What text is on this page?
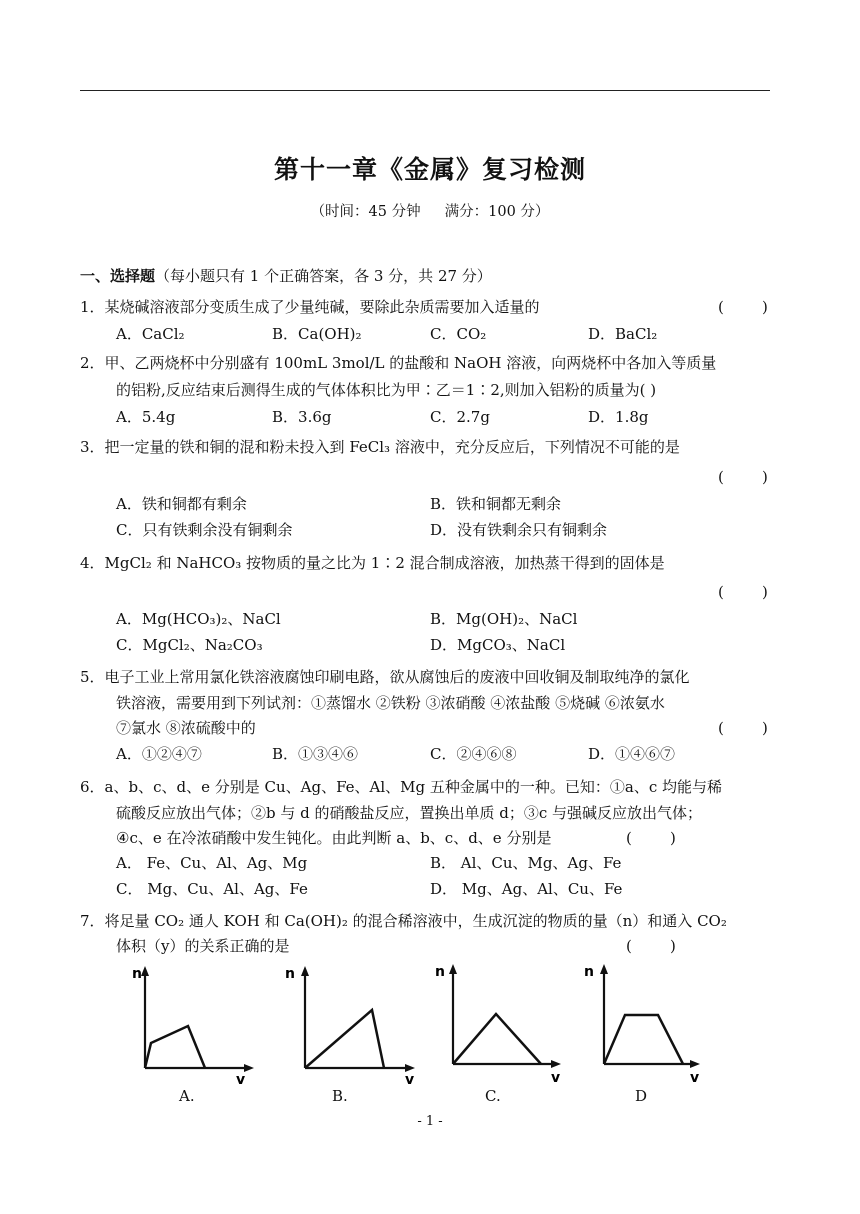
第十一章《金属》复习检测
（时间：45 分钟 满分：100 分）
一、选择题（每小题只有 1 个正确答案，各 3 分，共 27 分）
1．某烧碱溶液部分变质生成了少量纯碱，要除此杂质需要加入适量的	(        )
A．CaCl₂	B．Ca(OH)₂	C．CO₂	D．BaCl₂
2．甲、乙两烧杯中分别盛有 100mL 3mol/L 的盐酸和 NaOH 溶液，向两烧杯中各加入等质量
的铝粉,反应结束后测得生成的气体体积比为甲∶乙＝1∶2,则加入铝粉的质量为( )
A．5.4g	B．3.6g	C．2.7g	D．1.8g
3．把一定量的铁和铜的混和粉未投入到 FeCl₃ 溶液中，充分反应后，下列情况不可能的是
(        )
A．铁和铜都有剩余	B．铁和铜都无剩余
C．只有铁剩余没有铜剩余	D．没有铁剩余只有铜剩余
4．MgCl₂ 和 NaHCO₃ 按物质的量之比为 1∶2 混合制成溶液，加热蒸干得到的固体是
(        )
A．Mg(HCO₃)₂、NaCl	B．Mg(OH)₂、NaCl
C．MgCl₂、Na₂CO₃	D．MgCO₃、NaCl
5．电子工业上常用氯化铁溶液腐蚀印刷电路，欲从腐蚀后的废液中回收铜及制取纯净的氯化
铁溶液，需要用到下列试剂：①蒸馏水 ②铁粉 ③浓硝酸 ④浓盐酸 ⑤烧碱 ⑥浓氨水
⑦氯水 ⑧浓硫酸中的	(        )
A．①②④⑦	B．①③④⑥	C．②④⑥⑧	D．①④⑥⑦
6．a、b、c、d、e 分别是 Cu、Ag、Fe、Al、Mg 五种金属中的一种。已知：①a、c 均能与稀
硫酸反应放出气体；②b 与 d 的硝酸盐反应，置换出单质 d；③c 与强碱反应放出气体；
④c、e 在冷浓硝酸中发生钝化。由此判断 a、b、c、d、e 分别是	(        )
A． Fe、Cu、Al、Ag、Mg	B． Al、Cu、Mg、Ag、Fe
C． Mg、Cu、Al、Ag、Fe	D． Mg、Ag、Al、Cu、Fe
7．将足量 CO₂ 通人 KOH 和 Ca(OH)₂ 的混合稀溶液中，生成沉淀的物质的量（n）和通入 CO₂
体积（y）的关系正确的是	(        )
n
v
A.
n
v
B.
n
v
C.
n
v
D
- 1 -
